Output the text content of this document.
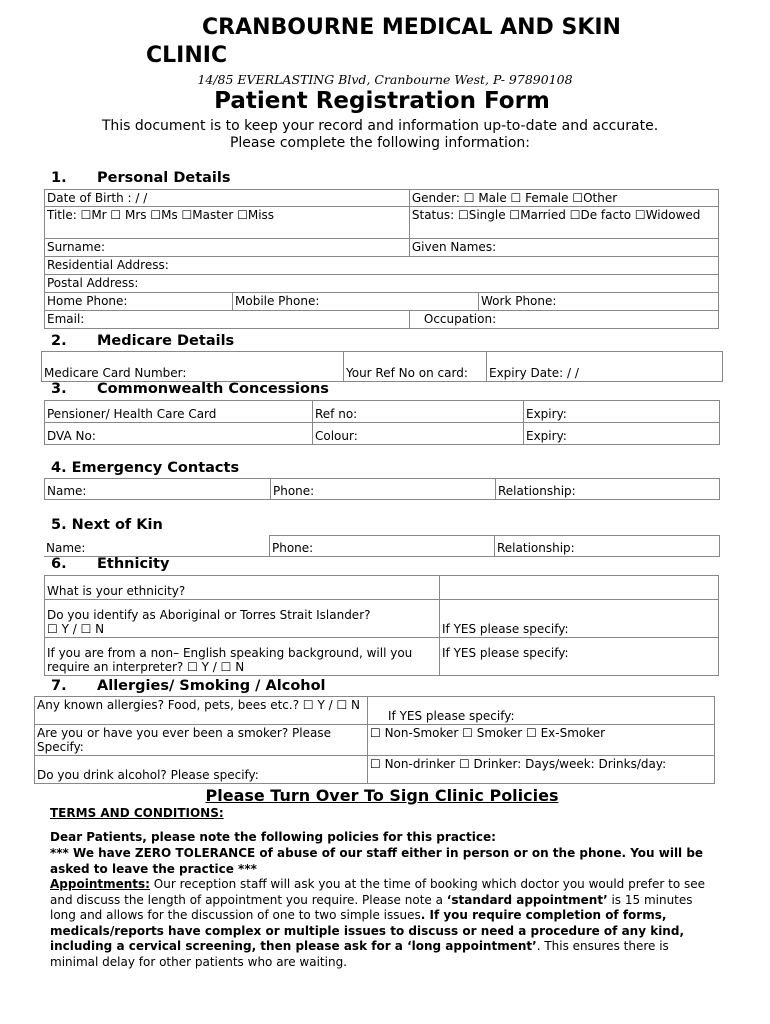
CRANBOURNE MEDICAL AND SKIN CLINIC
14/85 EVERLASTING Blvd, Cranbourne West, P- 97890108
Patient Registration Form
This document is to keep your record and information up-to-date and accurate.
Please complete the following information:
1. Personal Details
Date of Birth : / /		Gender: ☐ Male ☐ Female ☐Other	
Title: ☐Mr ☐ Mrs ☐Ms ☐Master ☐Miss		Status: ☐Single ☐Married ☐De facto ☐Widowed	
Surname:		Given Names:	
Residential Address:			
Postal Address:			
Home Phone:	Mobile Phone:		Work Phone:
Email:		Occupation:	
2. Medicare Details
Medicare Card Number:	Your Ref No on card:	Expiry Date: / /
3. Commonwealth Concessions
Pensioner/ Health Care Card	Ref no:	Expiry:
DVA No:	Colour:	Expiry:
4. Emergency Contacts
Name:	Phone:	Relationship:
5. Next of Kin
Name:	Phone:	Relationship:
6. Ethnicity
What is your ethnicity?	

Do you identify as Aboriginal or Torres Strait Islander?
☐ Y / ☐ N	If YES please specify:
If you are from a non– English speaking background, will you require an interpreter? ☐ Y / ☐ N	If YES please specify:
7. Allergies/ Smoking / Alcohol
Any known allergies? Food, pets, bees etc.? ☐ Y / ☐ N	If YES please specify:
Are you or have you ever been a smoker? Please Specify:	☐ Non-Smoker ☐ Smoker ☐ Ex-Smoker
Do you drink alcohol? Please specify:	☐ Non-drinker ☐ Drinker: Days/week: Drinks/day:
Please Turn Over To Sign Clinic Policies
TERMS AND CONDITIONS:
Dear Patients, please note the following policies for this practice:
*** We have ZERO TOLERANCE of abuse of our staff either in person or on the phone. You will be asked to leave the practice ***
Appointments: Our reception staff will ask you at the time of booking which doctor you would prefer to see and discuss the length of appointment you require. Please note a ‘standard appointment’ is 15 minutes long and allows for the discussion of one to two simple issues. If you require completion of forms, medicals/reports have complex or multiple issues to discuss or need a procedure of any kind, including a cervical screening, then please ask for a ‘long appointment’. This ensures there is minimal delay for other patients who are waiting.
